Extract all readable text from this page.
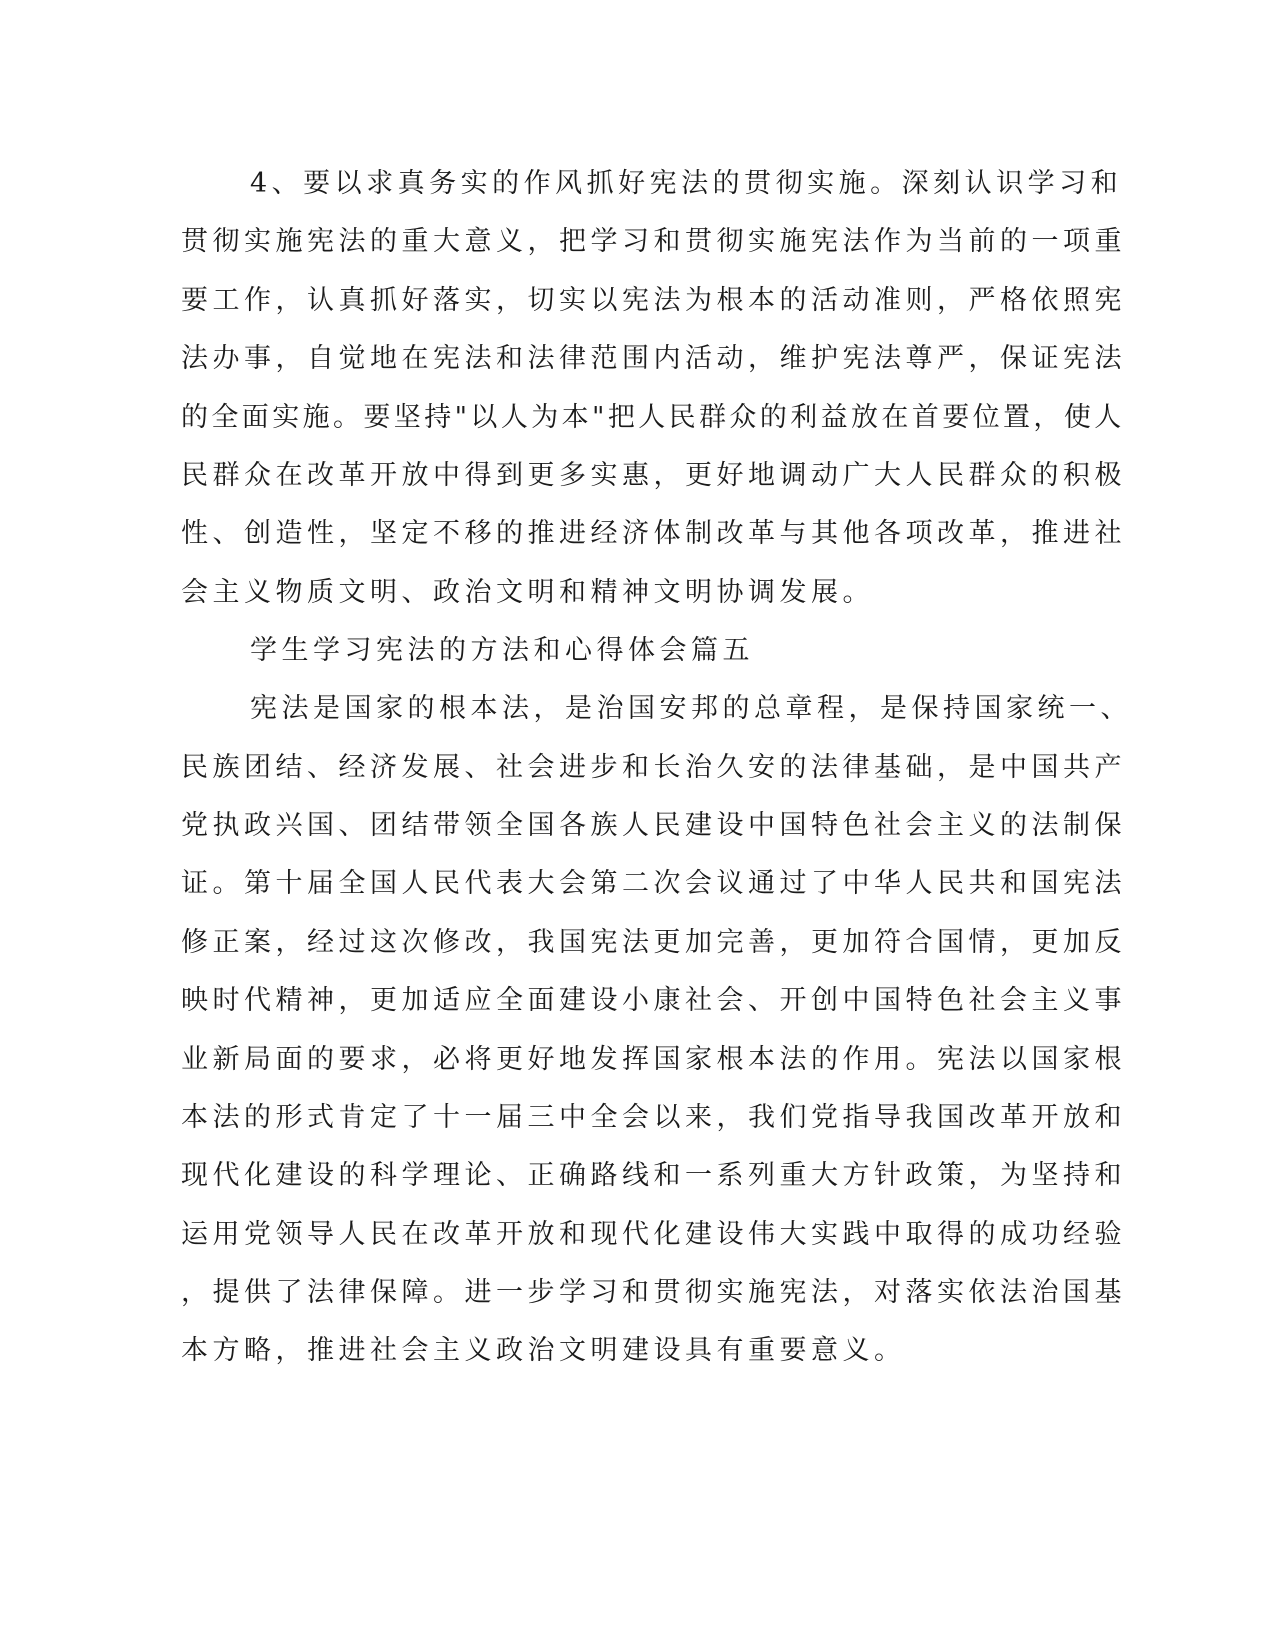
4、要以求真务实的作风抓好宪法的贯彻实施。深刻认识学习和

贯彻实施宪法的重大意义，把学习和贯彻实施宪法作为当前的一项重

要工作，认真抓好落实，切实以宪法为根本的活动准则，严格依照宪

法办事，自觉地在宪法和法律范围内活动，维护宪法尊严，保证宪法

的全面实施。要坚持"以人为本"把人民群众的利益放在首要位置，使人

民群众在改革开放中得到更多实惠，更好地调动广大人民群众的积极

性、创造性，坚定不移的推进经济体制改革与其他各项改革，推进社

会主义物质文明、政治文明和精神文明协调发展。

学生学习宪法的方法和心得体会篇五

宪法是国家的根本法，是治国安邦的总章程，是保持国家统一、

民族团结、经济发展、社会进步和长治久安的法律基础，是中国共产

党执政兴国、团结带领全国各族人民建设中国特色社会主义的法制保

证。第十届全国人民代表大会第二次会议通过了中华人民共和国宪法

修正案，经过这次修改，我国宪法更加完善，更加符合国情，更加反

映时代精神，更加适应全面建设小康社会、开创中国特色社会主义事

业新局面的要求，必将更好地发挥国家根本法的作用。宪法以国家根

本法的形式肯定了十一届三中全会以来，我们党指导我国改革开放和

现代化建设的科学理论、正确路线和一系列重大方针政策，为坚持和

运用党领导人民在改革开放和现代化建设伟大实践中取得的成功经验

，提供了法律保障。进一步学习和贯彻实施宪法，对落实依法治国基

本方略，推进社会主义政治文明建设具有重要意义。
